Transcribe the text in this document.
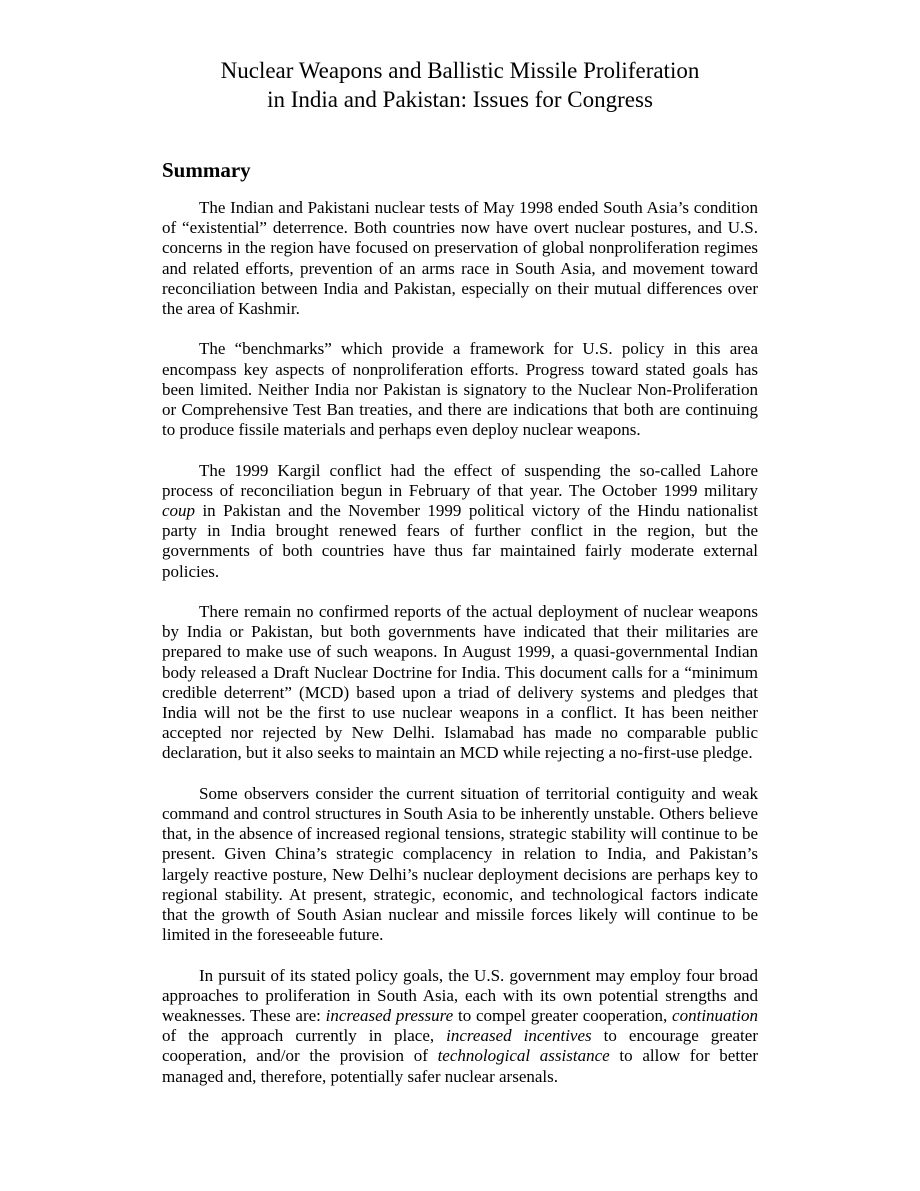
Nuclear Weapons and Ballistic Missile Proliferation
in India and Pakistan: Issues for Congress
Summary

The Indian and Pakistani nuclear tests of May 1998 ended South Asia’s condition of “existential” deterrence. Both countries now have overt nuclear postures, and U.S. concerns in the region have focused on preservation of global nonproliferation regimes and related efforts, prevention of an arms race in South Asia, and movement toward reconciliation between India and Pakistan, especially on their mutual differences over the area of Kashmir.

The “benchmarks” which provide a framework for U.S. policy in this area encompass key aspects of nonproliferation efforts. Progress toward stated goals has been limited. Neither India nor Pakistan is signatory to the Nuclear Non-Proliferation or Comprehensive Test Ban treaties, and there are indications that both are continuing to produce fissile materials and perhaps even deploy nuclear weapons.

The 1999 Kargil conflict had the effect of suspending the so-called Lahore process of reconciliation begun in February of that year. The October 1999 military coup in Pakistan and the November 1999 political victory of the Hindu nationalist party in India brought renewed fears of further conflict in the region, but the governments of both countries have thus far maintained fairly moderate external policies.

There remain no confirmed reports of the actual deployment of nuclear weapons by India or Pakistan, but both governments have indicated that their militaries are prepared to make use of such weapons. In August 1999, a quasi-governmental Indian body released a Draft Nuclear Doctrine for India. This document calls for a “minimum credible deterrent” (MCD) based upon a triad of delivery systems and pledges that India will not be the first to use nuclear weapons in a conflict. It has been neither accepted nor rejected by New Delhi. Islamabad has made no comparable public declaration, but it also seeks to maintain an MCD while rejecting a no-first-use pledge.

Some observers consider the current situation of territorial contiguity and weak command and control structures in South Asia to be inherently unstable. Others believe that, in the absence of increased regional tensions, strategic stability will continue to be present. Given China’s strategic complacency in relation to India, and Pakistan’s largely reactive posture, New Delhi’s nuclear deployment decisions are perhaps key to regional stability. At present, strategic, economic, and technological factors indicate that the growth of South Asian nuclear and missile forces likely will continue to be limited in the foreseeable future.

In pursuit of its stated policy goals, the U.S. government may employ four broad approaches to proliferation in South Asia, each with its own potential strengths and weaknesses. These are: increased pressure to compel greater cooperation, continuation of the approach currently in place, increased incentives to encourage greater cooperation, and/or the provision of technological assistance to allow for better managed and, therefore, potentially safer nuclear arsenals.
